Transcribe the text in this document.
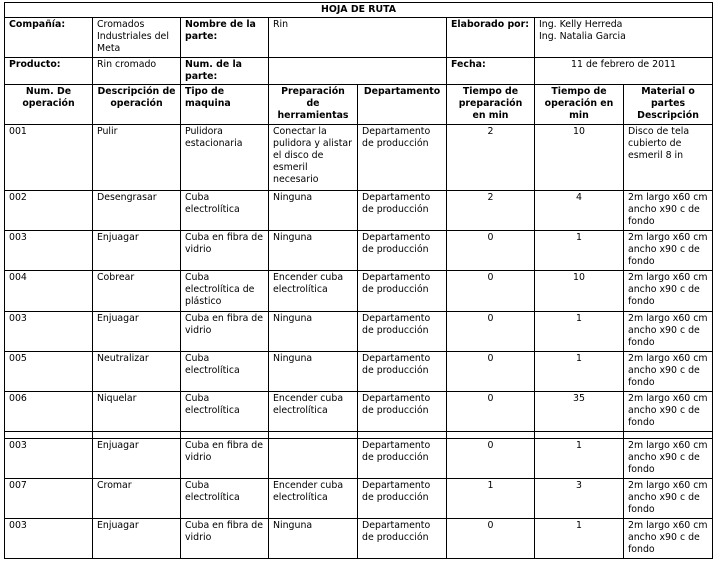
HOJA DE RUTA							
Compañía:	Cromados Industriales del Meta	Nombre de la parte:	Rin		Elaborado por:	Ing. Kelly Herreda
Ing. Natalia Garcia	

Producto:	Rin cromado	Num. de la parte:			Fecha:	11 de febrero de 2011	
Num. De operación	Descripción de operación	Tipo de maquina	Preparación de herramientas	Departamento	Tiempo de preparación en min	Tiempo de operación en min	Material o partes Descripción
001	Pulir	Pulidora estacionaria	Conectar la pulidora y alistar el disco de esmeril necesario	Departamento de producción	2	10	Disco de tela cubierto de esmeril 8 in
002	Desengrasar	Cuba electrolítica	Ninguna	Departamento de producción	2	4	2m largo x60 cm ancho x90 c de fondo
003	Enjuagar	Cuba en fibra de vidrio	Ninguna	Departamento de producción	0	1	2m largo x60 cm ancho x90 c de fondo
004	Cobrear	Cuba electrolítica de plástico	Encender cuba electrolítica	Departamento de producción	0	10	2m largo x60 cm ancho x90 c de fondo
003	Enjuagar	Cuba en fibra de vidrio	Ninguna	Departamento de producción	0	1	2m largo x60 cm ancho x90 c de fondo
005	Neutralizar	Cuba electrolítica	Ninguna	Departamento de producción	0	1	2m largo x60 cm ancho x90 c de fondo
006	Niquelar	Cuba electrolítica	Encender cuba electrolítica	Departamento de producción	0	35	2m largo x60 cm ancho x90 c de fondo

003	Enjuagar	Cuba en fibra de vidrio		Departamento de producción	0	1	2m largo x60 cm ancho x90 c de fondo
007	Cromar	Cuba electrolítica	Encender cuba electrolítica	Departamento de producción	1	3	2m largo x60 cm ancho x90 c de fondo
003	Enjuagar	Cuba en fibra de vidrio	Ninguna	Departamento de producción	0	1	2m largo x60 cm ancho x90 c de fondo
